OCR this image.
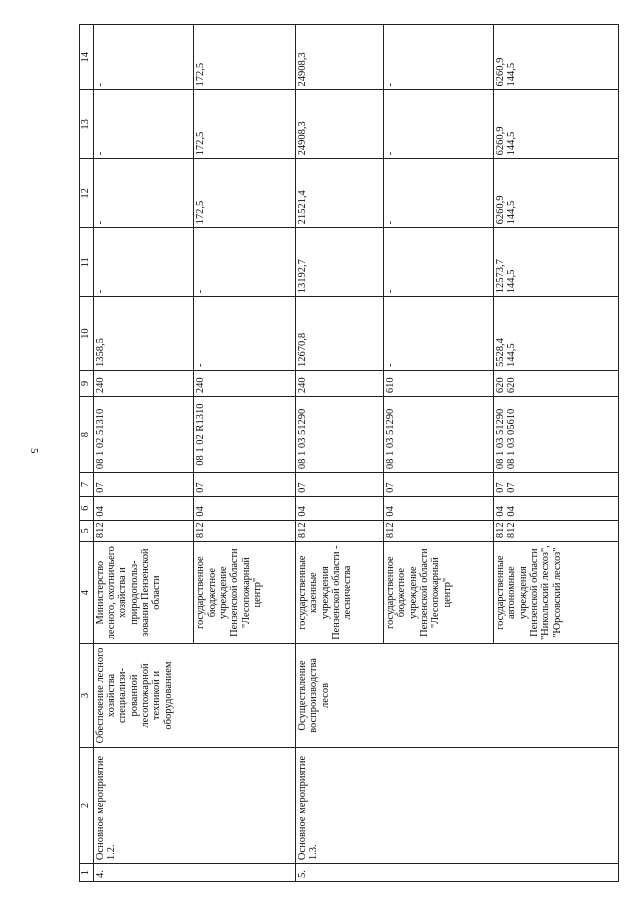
5
1	2	3	4	5	6	7	8	9	10	11	12	13	14
4.	Основное мероприятие 1.2.	Обеспечение лесного хозяйства специализи-рованной лесопожарной техникой и оборудованием	Министерство лесного, охотничьего хозяйства и природопольз-зования Пензенской области	812	04	07	08 1 02 51310	240	1358,5	-	-	-	-
			государственное бюджетное учреждение Пензенской области "Лесопожарный центр"	812	04	07	08 1 02 R1310	240	-	-	172,5	172,5	172,5
5.	Основное мероприятие 1.3.	Осуществление воспроизводства лесов	государственные казенные учреждения Пензенской области - лесничества	812	04	07	08 1 03 51290	240	12670,8	13192,7	21521,4	24908,3	24908,3
			государственное бюджетное учреждение Пензенской области "Лесопожарный центр"	812	04	07	08 1 03 51290	610	-	-	-	-	-
			государственные автономные учреждения Пензенской области "Никольский лесхоз", "Юрсовский лесхоз"	812 812	04 04	07 07	08 1 03 51290 08 1 03 05610	620 620	5528,4 144,5	12573,7 144,5	6260,9 144,5	6260,9 144,5	6260,9 144,5
